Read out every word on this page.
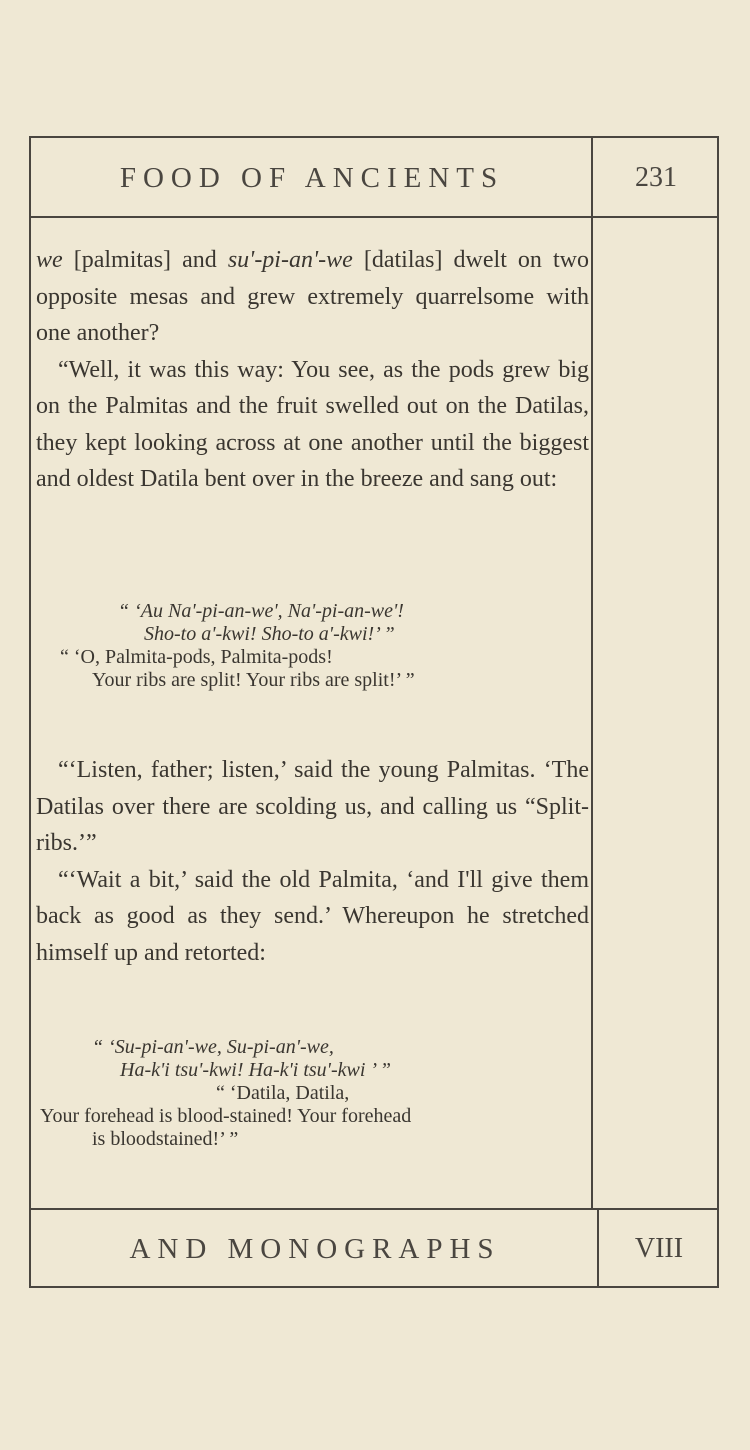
FOOD OF ANCIENTS	231

we [palmitas] and su'-pi-an'-we [datilas] dwelt on two opposite mesas and grew extremely quarrelsome with one another?

“Well, it was this way: You see, as the pods grew big on the Palmitas and the fruit swelled out on the Datilas, they kept looking across at one another until the biggest and oldest Datila bent over in the breeze and sang out:

“ ‘Au Na'-pi-an-we', Na'-pi-an-we'!
Sho-to a'-kwi! Sho-to a'-kwi!’ ”
“ ‘O, Palmita-pods, Palmita-pods!
Your ribs are split! Your ribs are split!’ ”

“‘Listen, father; listen,’ said the young Palmitas. ‘The Datilas over there are scolding us, and calling us “Split-ribs.’”

“‘Wait a bit,’ said the old Palmita, ‘and I'll give them back as good as they send.’ Whereupon he stretched himself up and retorted:

“ ‘Su-pi-an'-we, Su-pi-an'-we,
Ha-k'i tsu'-kwi! Ha-k'i tsu'-kwi ’ ”
“ ‘Datila, Datila,
Your forehead is blood-stained! Your forehead
is bloodstained!’ ”
AND MONOGRAPHS	VIII
